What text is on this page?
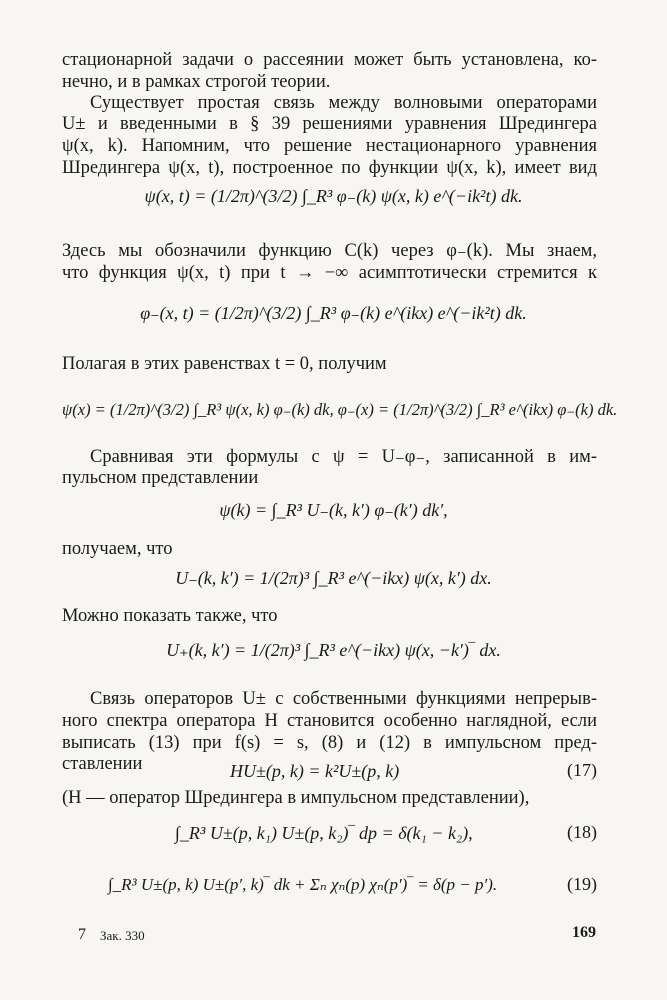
стационарной задачи о рассеянии может быть установлена, ко-
нечно, и в рамках строгой теории.
Существует простая связь между волновыми операторами
U± и введенными в § 39 решениями уравнения Шредингера
ψ(x, k). Напомним, что решение нестационарного уравнения
Шредингера ψ(x, t), построенное по функции ψ(x, k), имеет вид
ψ(x, t) = (1/2π)^(3/2) ∫_R³ φ₋(k) ψ(x, k) e^(−ik²t) dk.
Здесь мы обозначили функцию C(k) через φ₋(k). Мы знаем,
что функция ψ(x, t) при t → −∞ асимптотически стремится к
φ₋(x, t) = (1/2π)^(3/2) ∫_R³ φ₋(k) e^(ikx) e^(−ik²t) dk.
Полагая в этих равенствах t = 0, получим
ψ(x) = (1/2π)^(3/2) ∫_R³ ψ(x, k) φ₋(k) dk, φ₋(x) = (1/2π)^(3/2) ∫_R³ e^(ikx) φ₋(k) dk.
Сравнивая эти формулы с ψ = U₋φ₋, записанной в им-
пульсном представлении
ψ(k) = ∫_R³ U₋(k, k′) φ₋(k′) dk′,
получаем, что
U₋(k, k′) = 1/(2π)³ ∫_R³ e^(−ikx) ψ(x, k′) dx.
Можно показать также, что
U₊(k, k′) = 1/(2π)³ ∫_R³ e^(−ikx) ψ(x, −k′)‾ dx.
Связь операторов U± с собственными функциями непрерыв-
ного спектра оператора H становится особенно наглядной, если
выписать (13) при f(s) = s, (8) и (12) в импульсном пред-
ставлении	HU±(p, k) = k²U±(p, k)	(17)
(H — оператор Шредингера в импульсном представлении),
∫_R³ U±(p, k₁) U±(p, k₂)‾ dp = δ(k₁ − k₂),	(18)
∫_R³ U±(p, k) U±(p′, k)‾ dk + Σₙ χₙ(p) χₙ(p′)‾ = δ(p − p′).	(19)
7 Зак. 330	169
